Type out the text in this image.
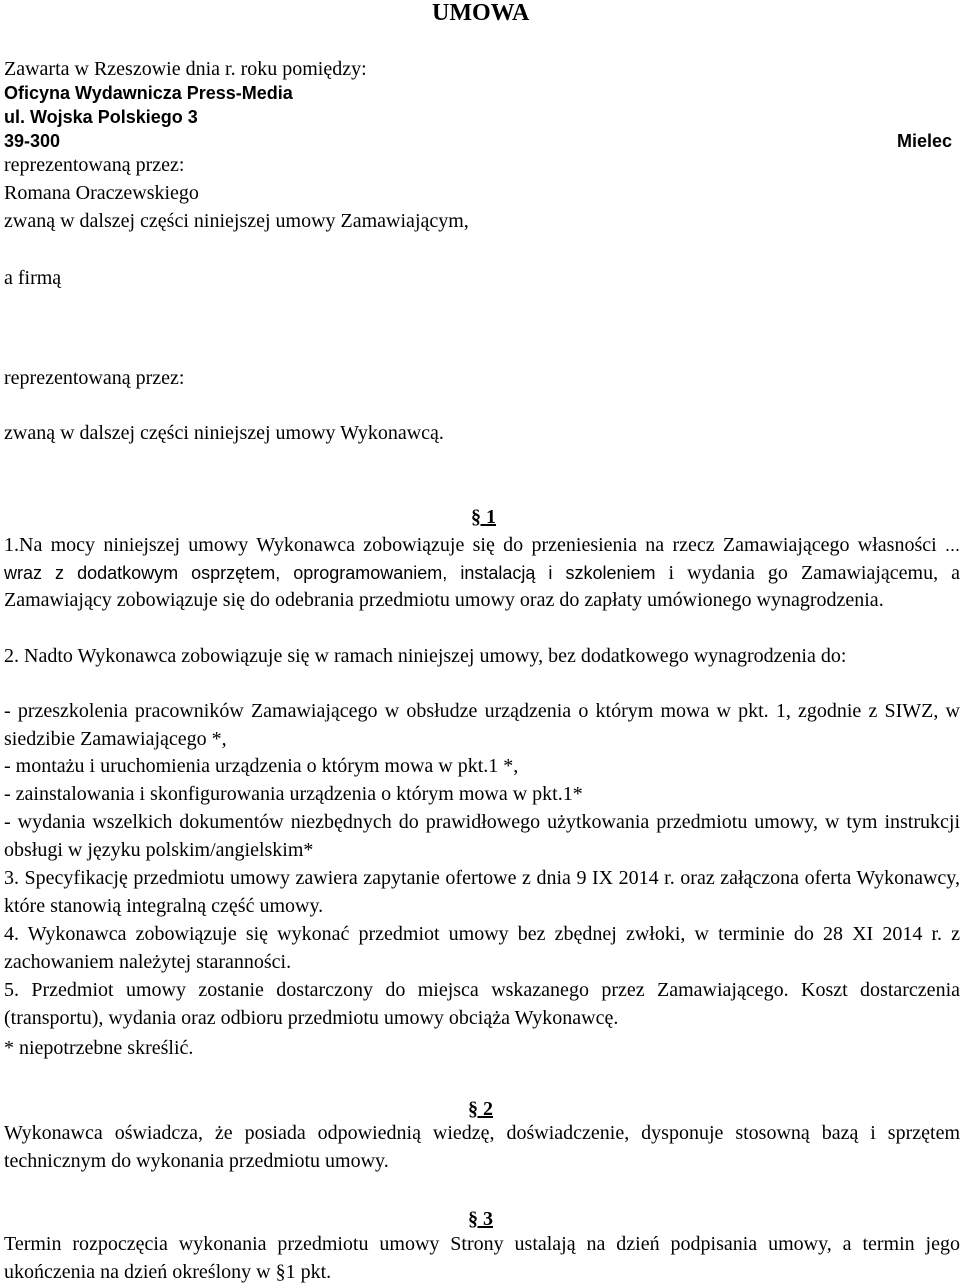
UMOWA
Zawarta w Rzeszowie dnia r. roku pomiędzy:
Oficyna Wydawnicza Press-Media
ul. Wojska Polskiego 3
39-300	Mielec
reprezentowaną przez:
Romana Oraczewskiego
zwaną w dalszej części niniejszej umowy Zamawiającym,
a firmą
reprezentowaną przez:
zwaną w dalszej części niniejszej umowy Wykonawcą.
§ 1
1.Na mocy niniejszej umowy Wykonawca zobowiązuje się do przeniesienia na rzecz Zamawiającego własności ... wraz z dodatkowym osprzętem, oprogramowaniem, instalacją i szkoleniem i wydania go Zamawiającemu, a Zamawiający zobowiązuje się do odebrania przedmiotu umowy oraz do zapłaty umówionego wynagrodzenia.
2. Nadto Wykonawca zobowiązuje się w ramach niniejszej umowy, bez dodatkowego wynagrodzenia do:
- przeszkolenia pracowników Zamawiającego w obsłudze urządzenia o którym mowa w pkt. 1, zgodnie z SIWZ, w siedzibie Zamawiającego *,
- montażu i uruchomienia urządzenia o którym mowa w pkt.1 *,
- zainstalowania i skonfigurowania urządzenia o którym mowa w pkt.1*
- wydania wszelkich dokumentów niezbędnych do prawidłowego użytkowania przedmiotu umowy, w tym instrukcji obsługi w języku polskim/angielskim*
3. Specyfikację przedmiotu umowy zawiera zapytanie ofertowe z dnia 9 IX 2014 r. oraz załączona oferta Wykonawcy, które stanowią integralną część umowy.
4. Wykonawca zobowiązuje się wykonać przedmiot umowy bez zbędnej zwłoki, w terminie do 28 XI 2014 r. z zachowaniem należytej staranności.
5. Przedmiot umowy zostanie dostarczony do miejsca wskazanego przez Zamawiającego. Koszt dostarczenia (transportu), wydania oraz odbioru przedmiotu umowy obciąża Wykonawcę.
* niepotrzebne skreślić.
§ 2
Wykonawca oświadcza, że posiada odpowiednią wiedzę, doświadczenie, dysponuje stosowną bazą i sprzętem technicznym do wykonania przedmiotu umowy.
§ 3
Termin rozpoczęcia wykonania przedmiotu umowy Strony ustalają na dzień podpisania umowy, a termin jego ukończenia na dzień określony w §1 pkt.
